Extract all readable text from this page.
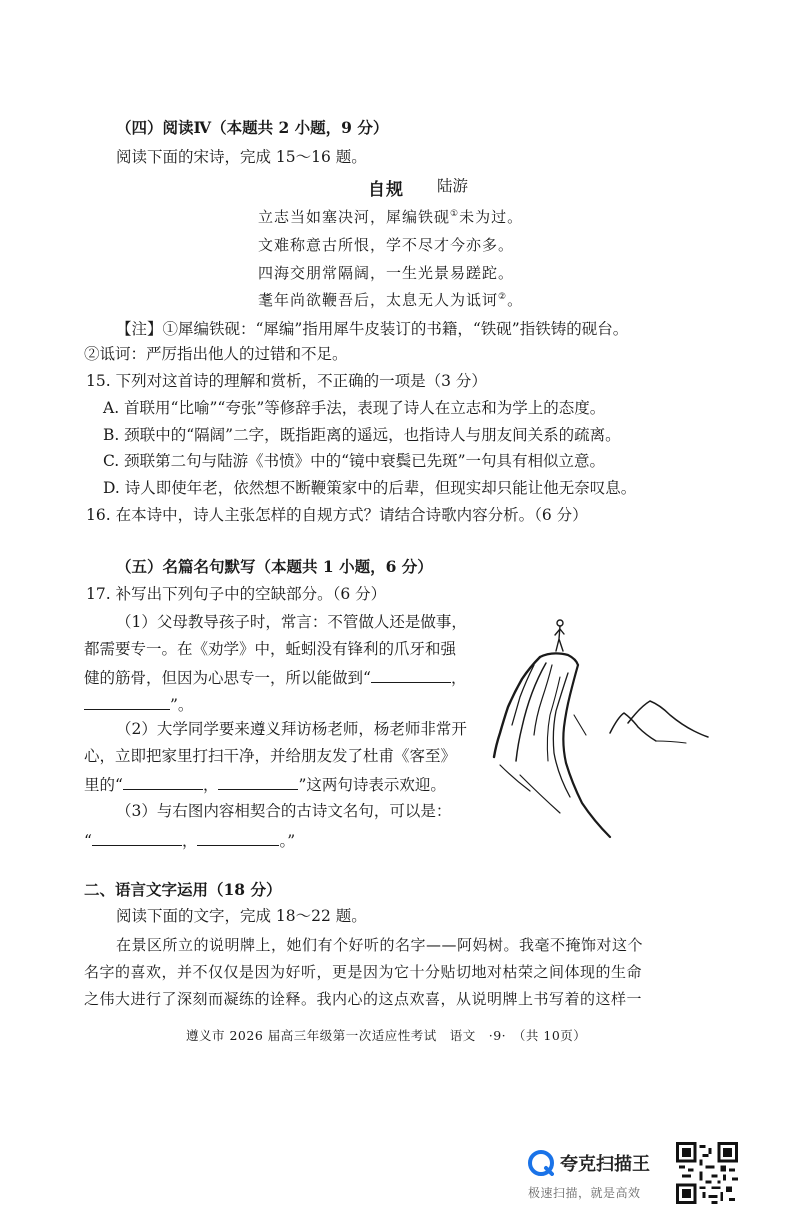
（四）阅读Ⅳ（本题共 2 小题，9 分）
阅读下面的宋诗，完成 15～16 题。
自规 陆游
立志当如塞决河，犀编铁砚①未为过。
文难称意古所恨，学不尽才今亦多。
四海交朋常隔阔，一生光景易蹉跎。
耄年尚欲鞭吾后，太息无人为诋诃②。
【注】①犀编铁砚：“犀编”指用犀牛皮装订的书籍，“铁砚”指铁铸的砚台。
②诋诃：严厉指出他人的过错和不足。
15. 下列对这首诗的理解和赏析，不正确的一项是（3 分）
A. 首联用“比喻”“夸张”等修辞手法，表现了诗人在立志和为学上的态度。
B. 颈联中的“隔阔”二字，既指距离的遥远，也指诗人与朋友间关系的疏离。
C. 颈联第二句与陆游《书愤》中的“镜中衰鬓已先斑”一句具有相似立意。
D. 诗人即使年老，依然想不断鞭策家中的后辈，但现实却只能让他无奈叹息。
16. 在本诗中，诗人主张怎样的自规方式？请结合诗歌内容分析。（6 分）
（五）名篇名句默写（本题共 1 小题，6 分）
17. 补写出下列句子中的空缺部分。（6 分）
（1）父母教导孩子时，常言：不管做人还是做事，
都需要专一。在《劝学》中，蚯蚓没有锋利的爪牙和强
健的筋骨，但因为心思专一，所以能做到“	，
”。
（2）大学同学要来遵义拜访杨老师，杨老师非常开
心，立即把家里打扫干净，并给朋友发了杜甫《客至》
里的“	，	”这两句诗表示欢迎。
（3）与右图内容相契合的古诗文名句，可以是：
“	，	。”
二、语言文字运用（18 分）
阅读下面的文字，完成 18～22 题。
在景区所立的说明牌上，她们有个好听的名字——阿妈树。我毫不掩饰对这个
名字的喜欢，并不仅仅是因为好听，更是因为它十分贴切地对枯荣之间体现的生命
之伟大进行了深刻而凝练的诠释。我内心的这点欢喜，从说明牌上书写着的这样一
遵义市 2026 届高三年级第一次适应性考试　语文　·9·　（共 10页）
夸克扫描王
极速扫描，就是高效
